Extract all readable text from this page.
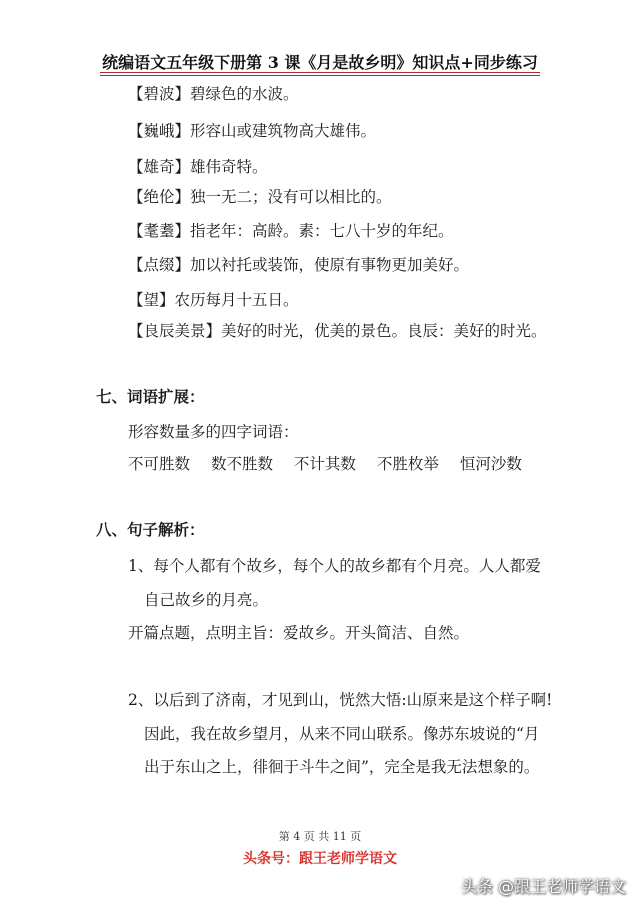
统编语文五年级下册第 3 课《月是故乡明》知识点+同步练习

【碧波】碧绿色的水波。

【巍峨】形容山或建筑物高大雄伟。

【雄奇】雄伟奇特。

【绝伦】独一无二；没有可以相比的。

【耄耋】指老年：高龄。素：七八十岁的年纪。

【点缀】加以衬托或装饰，使原有事物更加美好。

【望】农历每月十五日。

【良辰美景】美好的时光，优美的景色。良辰：美好的时光。

七、词语扩展：

形容数量多的四字词语：

不可胜数 数不胜数 不计其数 不胜枚举 恒河沙数
八、句子解析：

1、每个人都有个故乡，每个人的故乡都有个月亮。人人都爱

自己故乡的月亮。

开篇点题，点明主旨：爱故乡。开头简洁、自然。

2、以后到了济南，才见到山，恍然大悟:山原来是这个样子啊!

因此，我在故乡望月，从来不同山联系。像苏东坡说的“月

出于东山之上，徘徊于斗牛之间”，完全是我无法想象的。

第 4 页 共 11 页

头条号：跟王老师学语文

头条 @跟王老师学语文
